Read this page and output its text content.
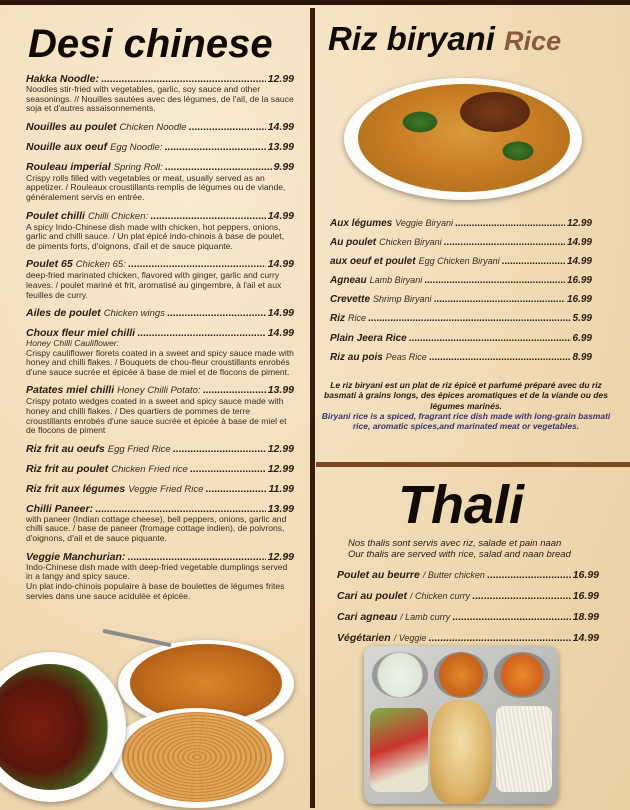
Desi chinese Riz biryani Rice
Thali
Hakka Noodle: .....	12.99
Noodles stir-fried with vegetables, garlic, soy sauce and other seasonings. // Nouilles sautées avec des légumes, de l'ail, de la sauce soja et d'autres assaisonnements.
Nouilles au poulet Chicken Noodle .....	14.99
Nouille aux oeuf Egg Noodle: .....	13.99
Rouleau imperial Spring Roll: .....	9.99
Crispy rolls filled with vegetables or meat, usually served as an appetizer. / Rouleaux croustillants remplis de légumes ou de viande, généralement servis en entrée.
Poulet chilli Chilli Chicken: .....	14.99
A spicy Indo-Chinese dish made with chicken, hot peppers, onions, garlic and chilli sauce. / Un plat épicé indo-chinois à base de poulet, de piments forts, d'oignons, d'ail et de sauce piquante.
Poulet 65 Chicken 65: .....	14.99
deep-fried marinated chicken, flavored with ginger, garlic and curry leaves. / poulet mariné et frit, aromatisé au gingembre, à l'ail et aux feuilles de curry.
Ailes de poulet Chicken wings .....	14.99
Choux fleur miel chilli .....	14.99
Honey Chilli Cauliflower:
Crispy cauliflower florets coated in a sweet and spicy sauce made with honey and chilli flakes. / Bouquets de chou-fleur croustillants enrobés d'une sauce sucrée et épicée à base de miel et de flocons de piment.
Patates miel chilli Honey Chilli Potato: .....	13.99
Crispy potato wedges coated in a sweet and spicy sauce made with honey and chilli flakes. / Des quartiers de pommes de terre croustillants enrobés d'une sauce sucrée et épicée à base de miel et de flocons de piment
Riz frit au oeufs Egg Fried Rice .....	12.99
Riz frit au poulet Chicken Fried rice .....	12.99
Riz frit aux légumes Veggie Fried Rice .....	11.99
Chilli Paneer: .....	13.99
with paneer (Indian cottage cheese), bell peppers, onions, garlic and chilli sauce. / base de paneer (fromage cottage indien), de poivrons, d'oignons, d'ail et de sauce piquante.
Veggie Manchurian: .....	12.99
Indo-Chinese dish made with deep-fried vegetable dumplings served in a tangy and spicy sauce.
Un plat indo-chinois populaire à base de boulettes de légumes frites servies dans une sauce acidulée et épicée.
Aux légumes Veggie Biryani .....	12.99
Au poulet Chicken Biryani .....	14.99
aux oeuf et poulet Egg Chicken Biryani .....	14.99
Agneau Lamb Biryani .....	16.99
Crevette Shrimp Biryani .....	16.99
Riz Rice .....	5.99
Plain Jeera Rice .....	6.99
Riz au pois Peas Rice .....	8.99
Le riz biryani est un plat de riz épicé et parfumé préparé avec du riz basmati à grains longs, des épices aromatiques et de la viande ou des légumes marinés.
Biryani rice is a spiced, fragrant rice dish made with long-grain basmati rice, aromatic spices,and marinated meat or vegetables.
Nos thalis sont servis avec riz, salade et pain naan
Our thalis are served with rice, salad and naan bread
Poulet au beurre / Butter chicken .....	16.99
Cari au poulet / Chicken curry .....	16.99
Cari agneau / Lamb curry .....	18.99
Végétarien / Veggie .....	14.99
